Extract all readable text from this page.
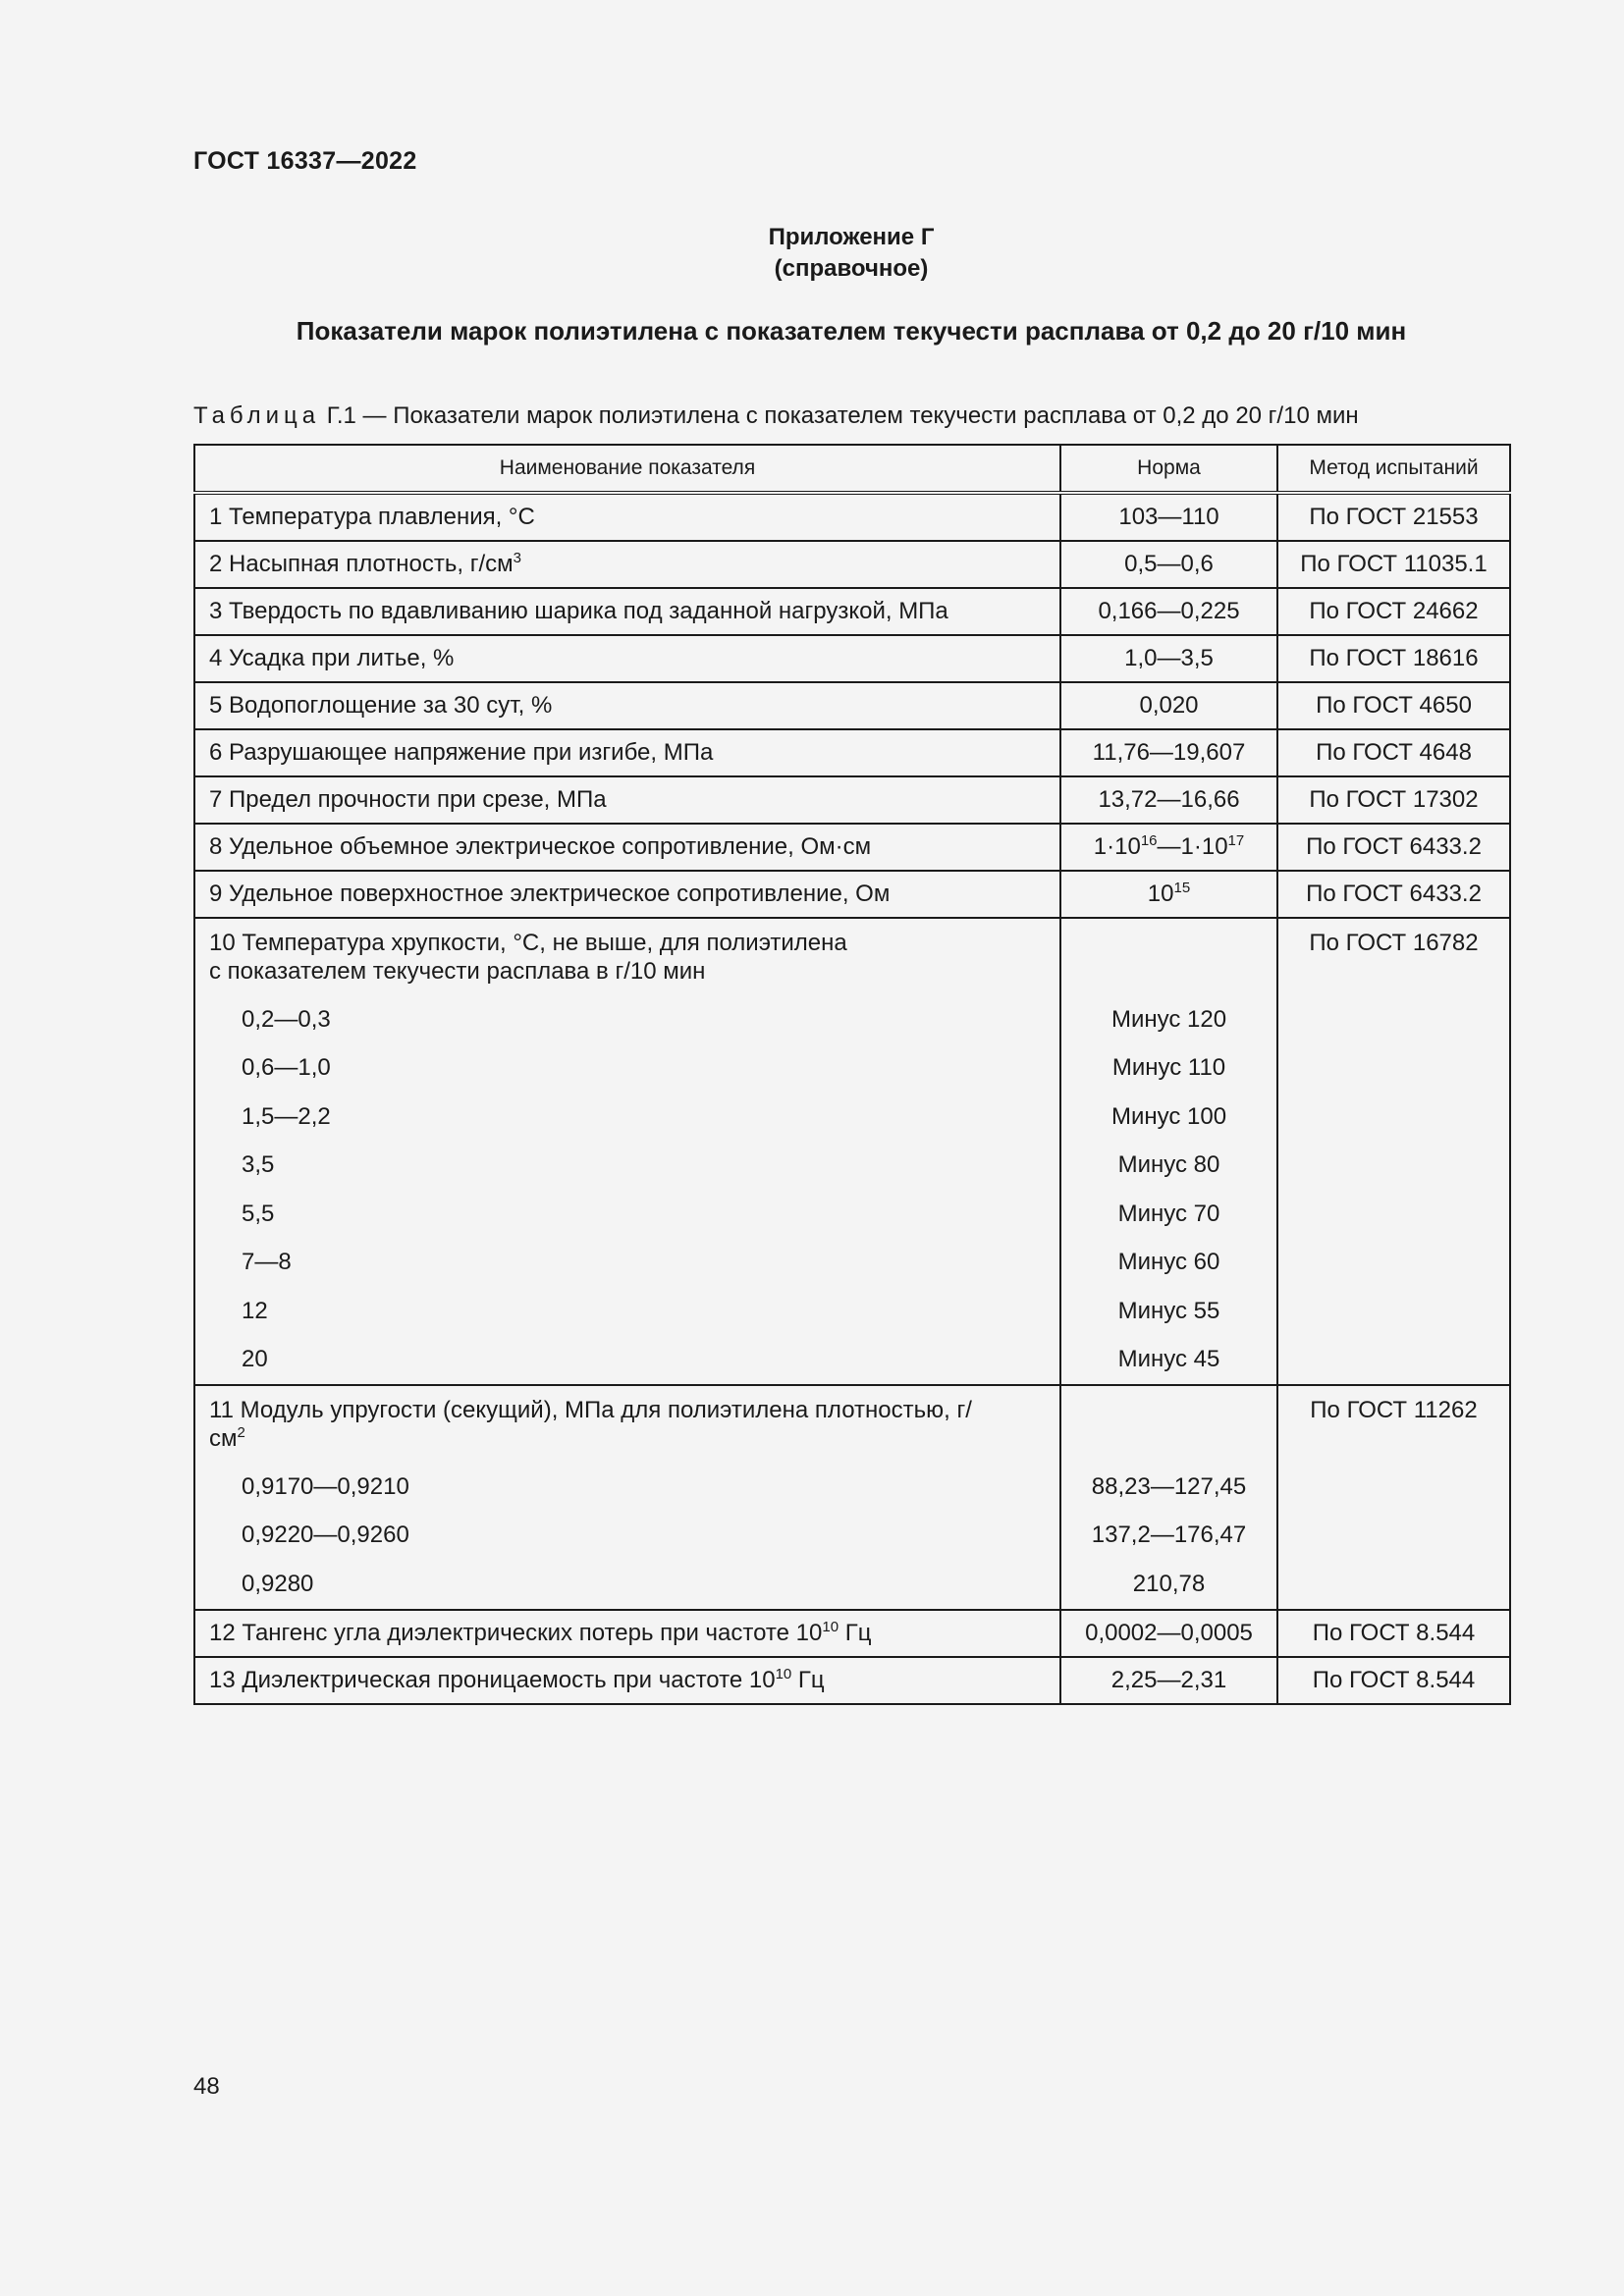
ГОСТ 16337—2022
Приложение Г
(справочное)
Показатели марок полиэтилена с показателем текучести расплава от 0,2 до 20 г/10 мин
Таблица Г.1 — Показатели марок полиэтилена с показателем текучести расплава от 0,2 до 20 г/10 мин
Наименование показателя	Норма	Метод испытаний
1 Температура плавления, °С	103—110	По ГОСТ 21553
2 Насыпная плотность, $г/см^3$	0,5—0,6	По ГОСТ 11035.1
3 Твердость по вдавливанию шарика под заданной нагрузкой, МПа	0,166—0,225	По ГОСТ 24662
4 Усадка при литье, %	1,0—3,5	По ГОСТ 18616
5 Водопоглощение за 30 сут, %	0,020	По ГОСТ 4650
6 Разрушающее напряжение при изгибе, МПа	11,76—19,607	По ГОСТ 4648
7 Предел прочности при срезе, МПа	13,72—16,66	По ГОСТ 17302
8 Удельное объемное электрическое сопротивление, Ом·см	$1\cdot 10^{16}—1\cdot 10^{17}$	По ГОСТ 6433.2
9 Удельное поверхностное электрическое сопротивление, Ом	$10^{15}$	По ГОСТ 6433.2

10 Температура хрупкости, °С, не выше, для полиэтилена
с показателем текучести расплава в г/10 мин		По ГОСТ 16782
0,2—0,3	Минус 120	
0,6—1,0	Минус 110	
1,5—2,2	Минус 100	
3,5	Минус 80	
5,5	Минус 70	
7—8	Минус 60	
12	Минус 55	
20	Минус 45	

11 Модуль упругости (секущий), МПа для полиэтилена плотностью, г/
$см^2$		По ГОСТ 11262
0,9170—0,9210	88,23—127,45	
0,9220—0,9260	137,2—176,47	
0,9280	210,78	
12 Тангенс угла диэлектрических потерь при частоте $10^{10}$ Гц	0,0002—0,0005	По ГОСТ 8.544
13 Диэлектрическая проницаемость при частоте $10^{10}$ Гц	2,25—2,31	По ГОСТ 8.544
48
